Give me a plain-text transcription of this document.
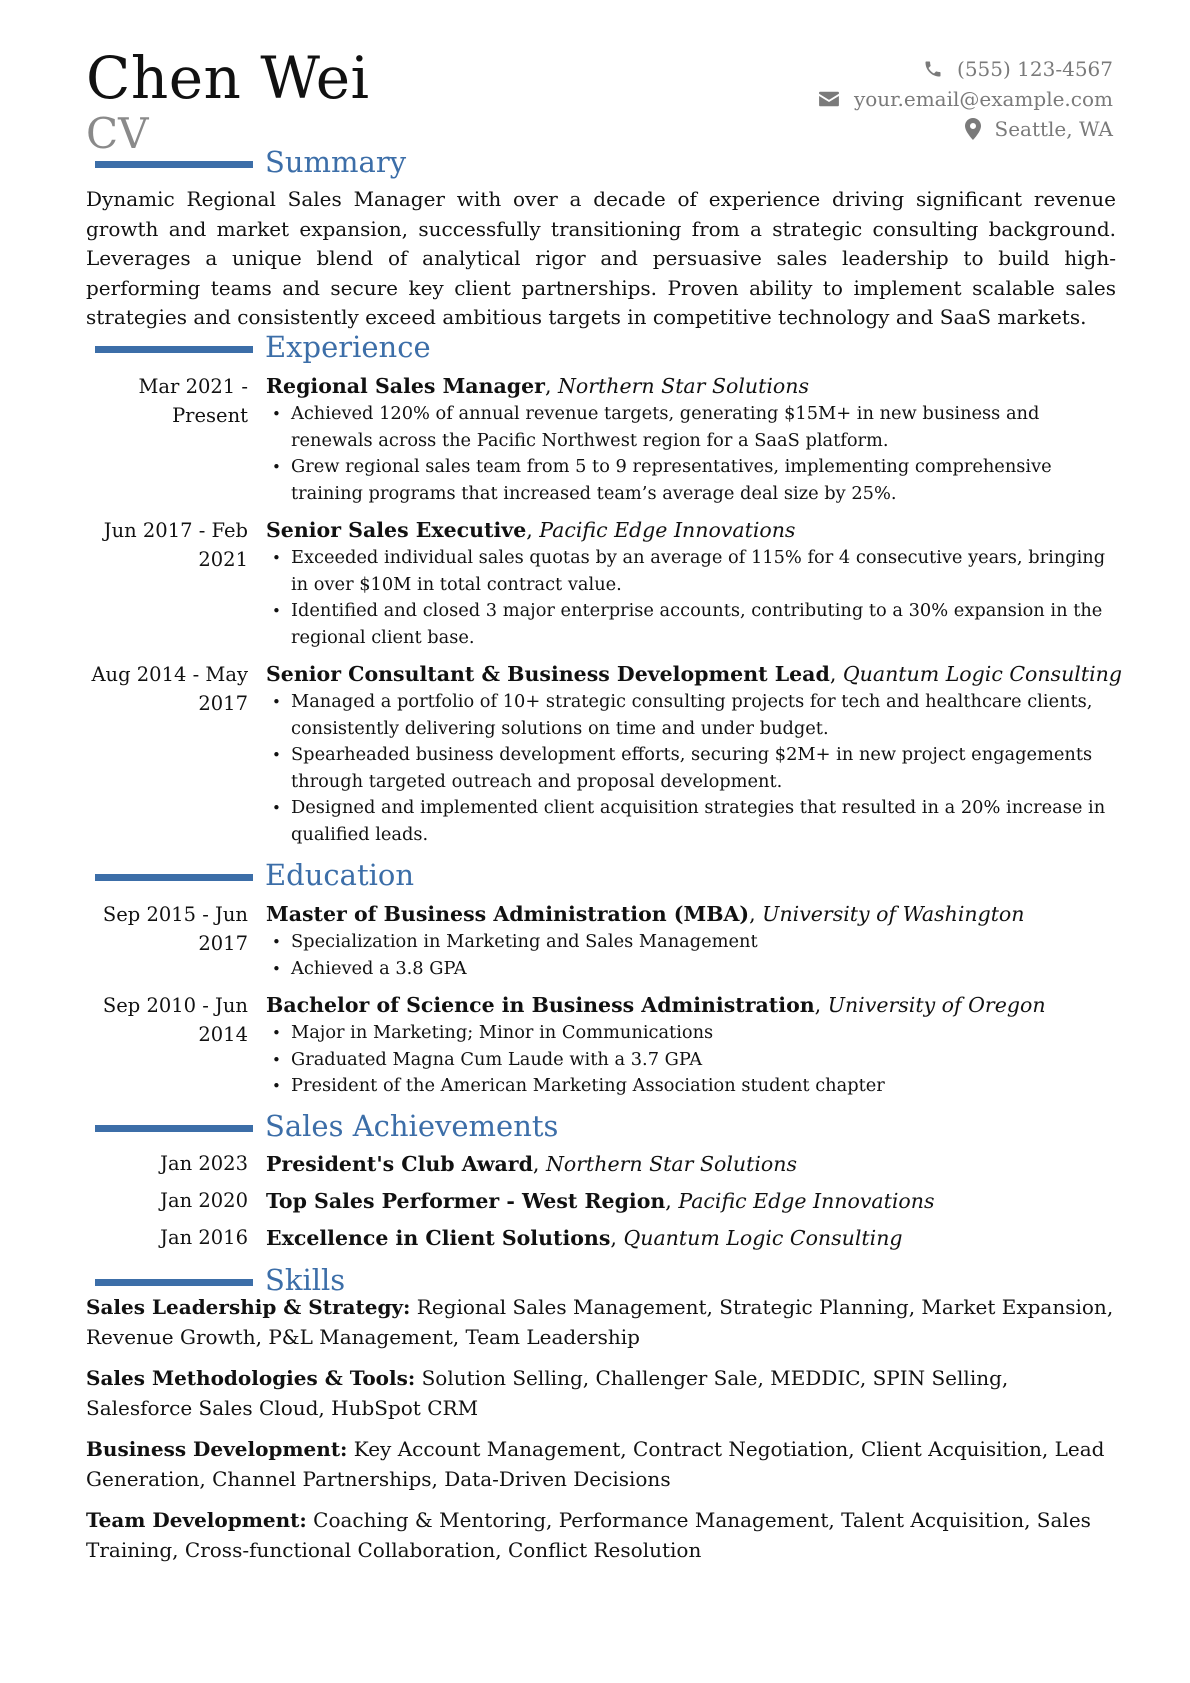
Chen Wei
CV
(555) 123-4567
your.email@example.com
Seattle, WA
Summary
Dynamic Regional Sales Manager with over a decade of experience driving significant revenue growth and market expansion, successfully transitioning from a strategic consulting background. Leverages a unique blend of analytical rigor and persuasive sales leadership to build high-performing teams and secure key client partnerships. Proven ability to implement scalable sales strategies and consistently exceed ambitious targets in competitive technology and SaaS markets.
Experience
Mar 2021 - Present
Regional Sales Manager, Northern Star Solutions
• Achieved 120% of annual revenue targets, generating $15M+ in new business and renewals across the Pacific Northwest region for a SaaS platform.
• Grew regional sales team from 5 to 9 representatives, implementing comprehensive training programs that increased team’s average deal size by 25%.
Jun 2017 - Feb 2021
Senior Sales Executive, Pacific Edge Innovations
• Exceeded individual sales quotas by an average of 115% for 4 consecutive years, bringing in over $10M in total contract value.
• Identified and closed 3 major enterprise accounts, contributing to a 30% expansion in the regional client base.
Aug 2014 - May 2017
Senior Consultant & Business Development Lead, Quantum Logic Consulting
• Managed a portfolio of 10+ strategic consulting projects for tech and healthcare clients, consistently delivering solutions on time and under budget.
• Spearheaded business development efforts, securing $2M+ in new project engagements through targeted outreach and proposal development.
• Designed and implemented client acquisition strategies that resulted in a 20% increase in qualified leads.
Education
Sep 2015 - Jun 2017
Master of Business Administration (MBA), University of Washington
• Specialization in Marketing and Sales Management
• Achieved a 3.8 GPA
Sep 2010 - Jun 2014
Bachelor of Science in Business Administration, University of Oregon
• Major in Marketing; Minor in Communications
• Graduated Magna Cum Laude with a 3.7 GPA
• President of the American Marketing Association student chapter
Sales Achievements
Jan 2023 President's Club Award, Northern Star Solutions
Jan 2020 Top Sales Performer - West Region, Pacific Edge Innovations
Jan 2016 Excellence in Client Solutions, Quantum Logic Consulting
Skills
Sales Leadership & Strategy: Regional Sales Management, Strategic Planning, Market Expansion, Revenue Growth, P&L Management, Team Leadership
Sales Methodologies & Tools: Solution Selling, Challenger Sale, MEDDIC, SPIN Selling, Salesforce Sales Cloud, HubSpot CRM
Business Development: Key Account Management, Contract Negotiation, Client Acquisition, Lead Generation, Channel Partnerships, Data-Driven Decisions
Team Development: Coaching & Mentoring, Performance Management, Talent Acquisition, Sales Training, Cross-functional Collaboration, Conflict Resolution
